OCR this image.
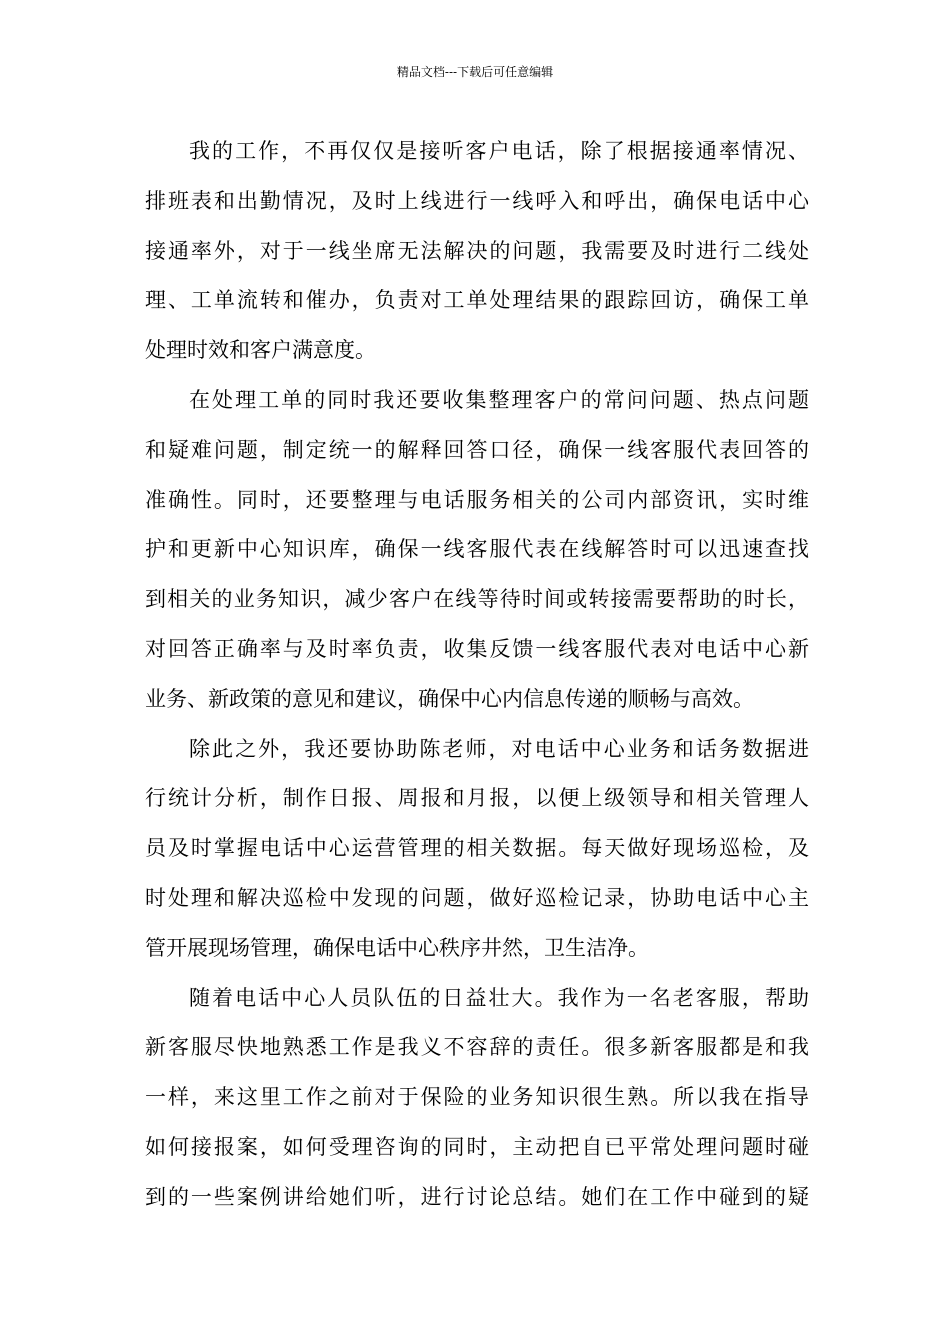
精品文档---下载后可任意编辑
我的工作，不再仅仅是接听客户电话，除了根据接通率情况、
排班表和出勤情况，及时上线进行一线呼入和呼出，确保电话中心
接通率外，对于一线坐席无法解决的问题，我需要及时进行二线处
理、工单流转和催办，负责对工单处理结果的跟踪回访，确保工单
处理时效和客户满意度。
在处理工单的同时我还要收集整理客户的常问问题、热点问题
和疑难问题，制定统一的解释回答口径，确保一线客服代表回答的
准确性。同时，还要整理与电话服务相关的公司内部资讯，实时维
护和更新中心知识库，确保一线客服代表在线解答时可以迅速查找
到相关的业务知识，减少客户在线等待时间或转接需要帮助的时长，
对回答正确率与及时率负责，收集反馈一线客服代表对电话中心新
业务、新政策的意见和建议，确保中心内信息传递的顺畅与高效。
除此之外，我还要协助陈老师，对电话中心业务和话务数据进
行统计分析，制作日报、周报和月报，以便上级领导和相关管理人
员及时掌握电话中心运营管理的相关数据。每天做好现场巡检，及
时处理和解决巡检中发现的问题，做好巡检记录，协助电话中心主
管开展现场管理，确保电话中心秩序井然，卫生洁净。
随着电话中心人员队伍的日益壮大。我作为一名老客服，帮助
新客服尽快地熟悉工作是我义不容辞的责任。很多新客服都是和我
一样，来这里工作之前对于保险的业务知识很生熟。所以我在指导
如何接报案，如何受理咨询的同时，主动把自已平常处理问题时碰
到的一些案例讲给她们听，进行讨论总结。她们在工作中碰到的疑
